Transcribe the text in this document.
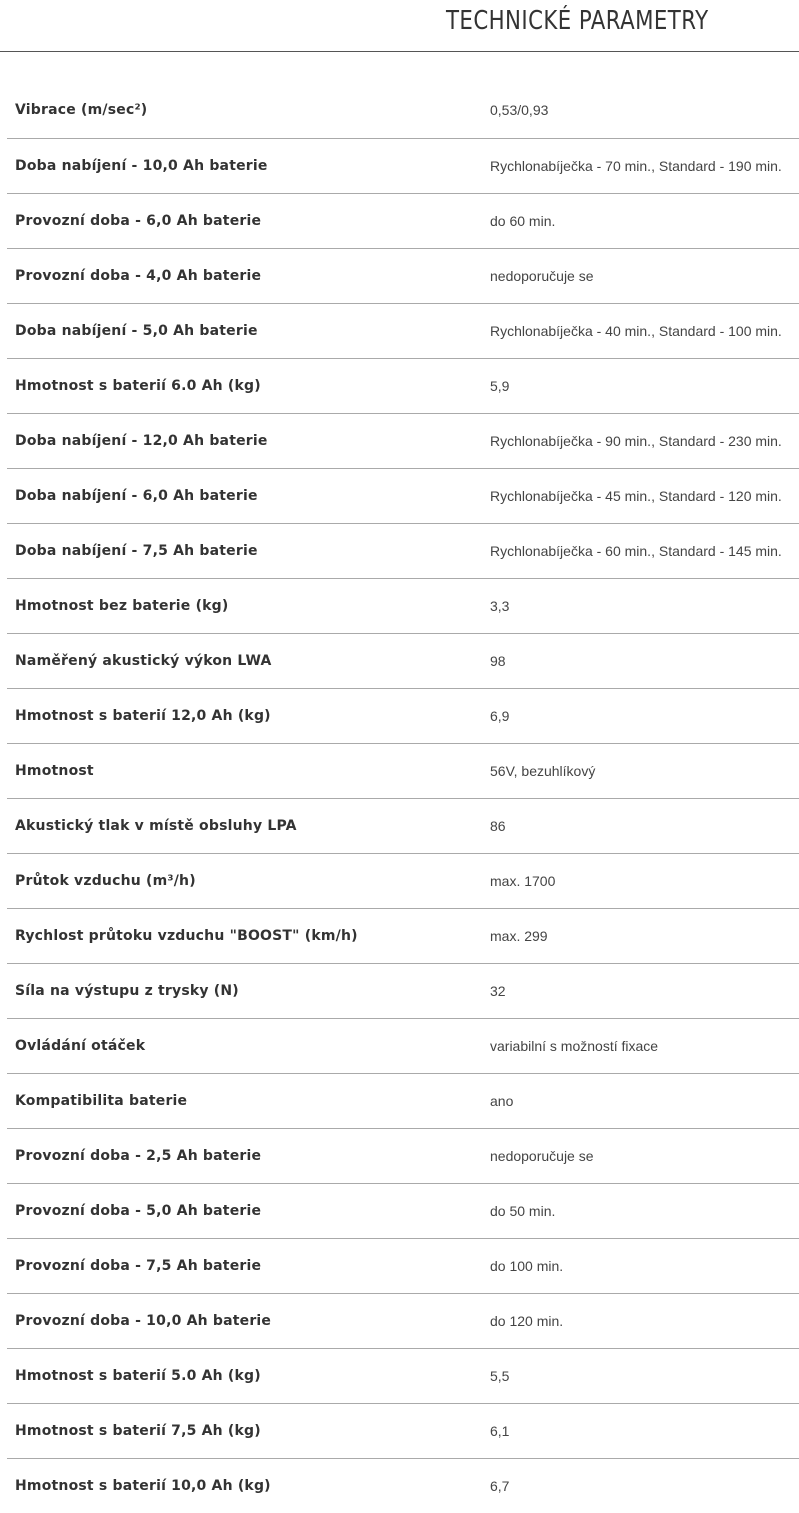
TECHNICKÉ PARAMETRY
Vibrace (m/sec²)	0,53/0,93
Doba nabíjení - 10,0 Ah baterie	Rychlonabíječka - 70 min., Standard - 190 min.
Provozní doba - 6,0 Ah baterie	do 60 min.
Provozní doba - 4,0 Ah baterie	nedoporučuje se
Doba nabíjení - 5,0 Ah baterie	Rychlonabíječka - 40 min., Standard - 100 min.
Hmotnost s baterií 6.0 Ah (kg)	5,9
Doba nabíjení - 12,0 Ah baterie	Rychlonabíječka - 90 min., Standard - 230 min.
Doba nabíjení - 6,0 Ah baterie	Rychlonabíječka - 45 min., Standard - 120 min.
Doba nabíjení - 7,5 Ah baterie	Rychlonabíječka - 60 min., Standard - 145 min.
Hmotnost bez baterie (kg)	3,3
Naměřený akustický výkon LWA	98
Hmotnost s baterií 12,0 Ah (kg)	6,9
Hmotnost	56V, bezuhlíkový
Akustický tlak v místě obsluhy LPA	86
Průtok vzduchu (m³/h)	max. 1700
Rychlost průtoku vzduchu "BOOST" (km/h)	max. 299
Síla na výstupu z trysky (N)	32
Ovládání otáček	variabilní s možností fixace
Kompatibilita baterie	ano
Provozní doba - 2,5 Ah baterie	nedoporučuje se
Provozní doba - 5,0 Ah baterie	do 50 min.
Provozní doba - 7,5 Ah baterie	do 100 min.
Provozní doba - 10,0 Ah baterie	do 120 min.
Hmotnost s baterií 5.0 Ah (kg)	5,5
Hmotnost s baterií 7,5 Ah (kg)	6,1
Hmotnost s baterií 10,0 Ah (kg)	6,7
